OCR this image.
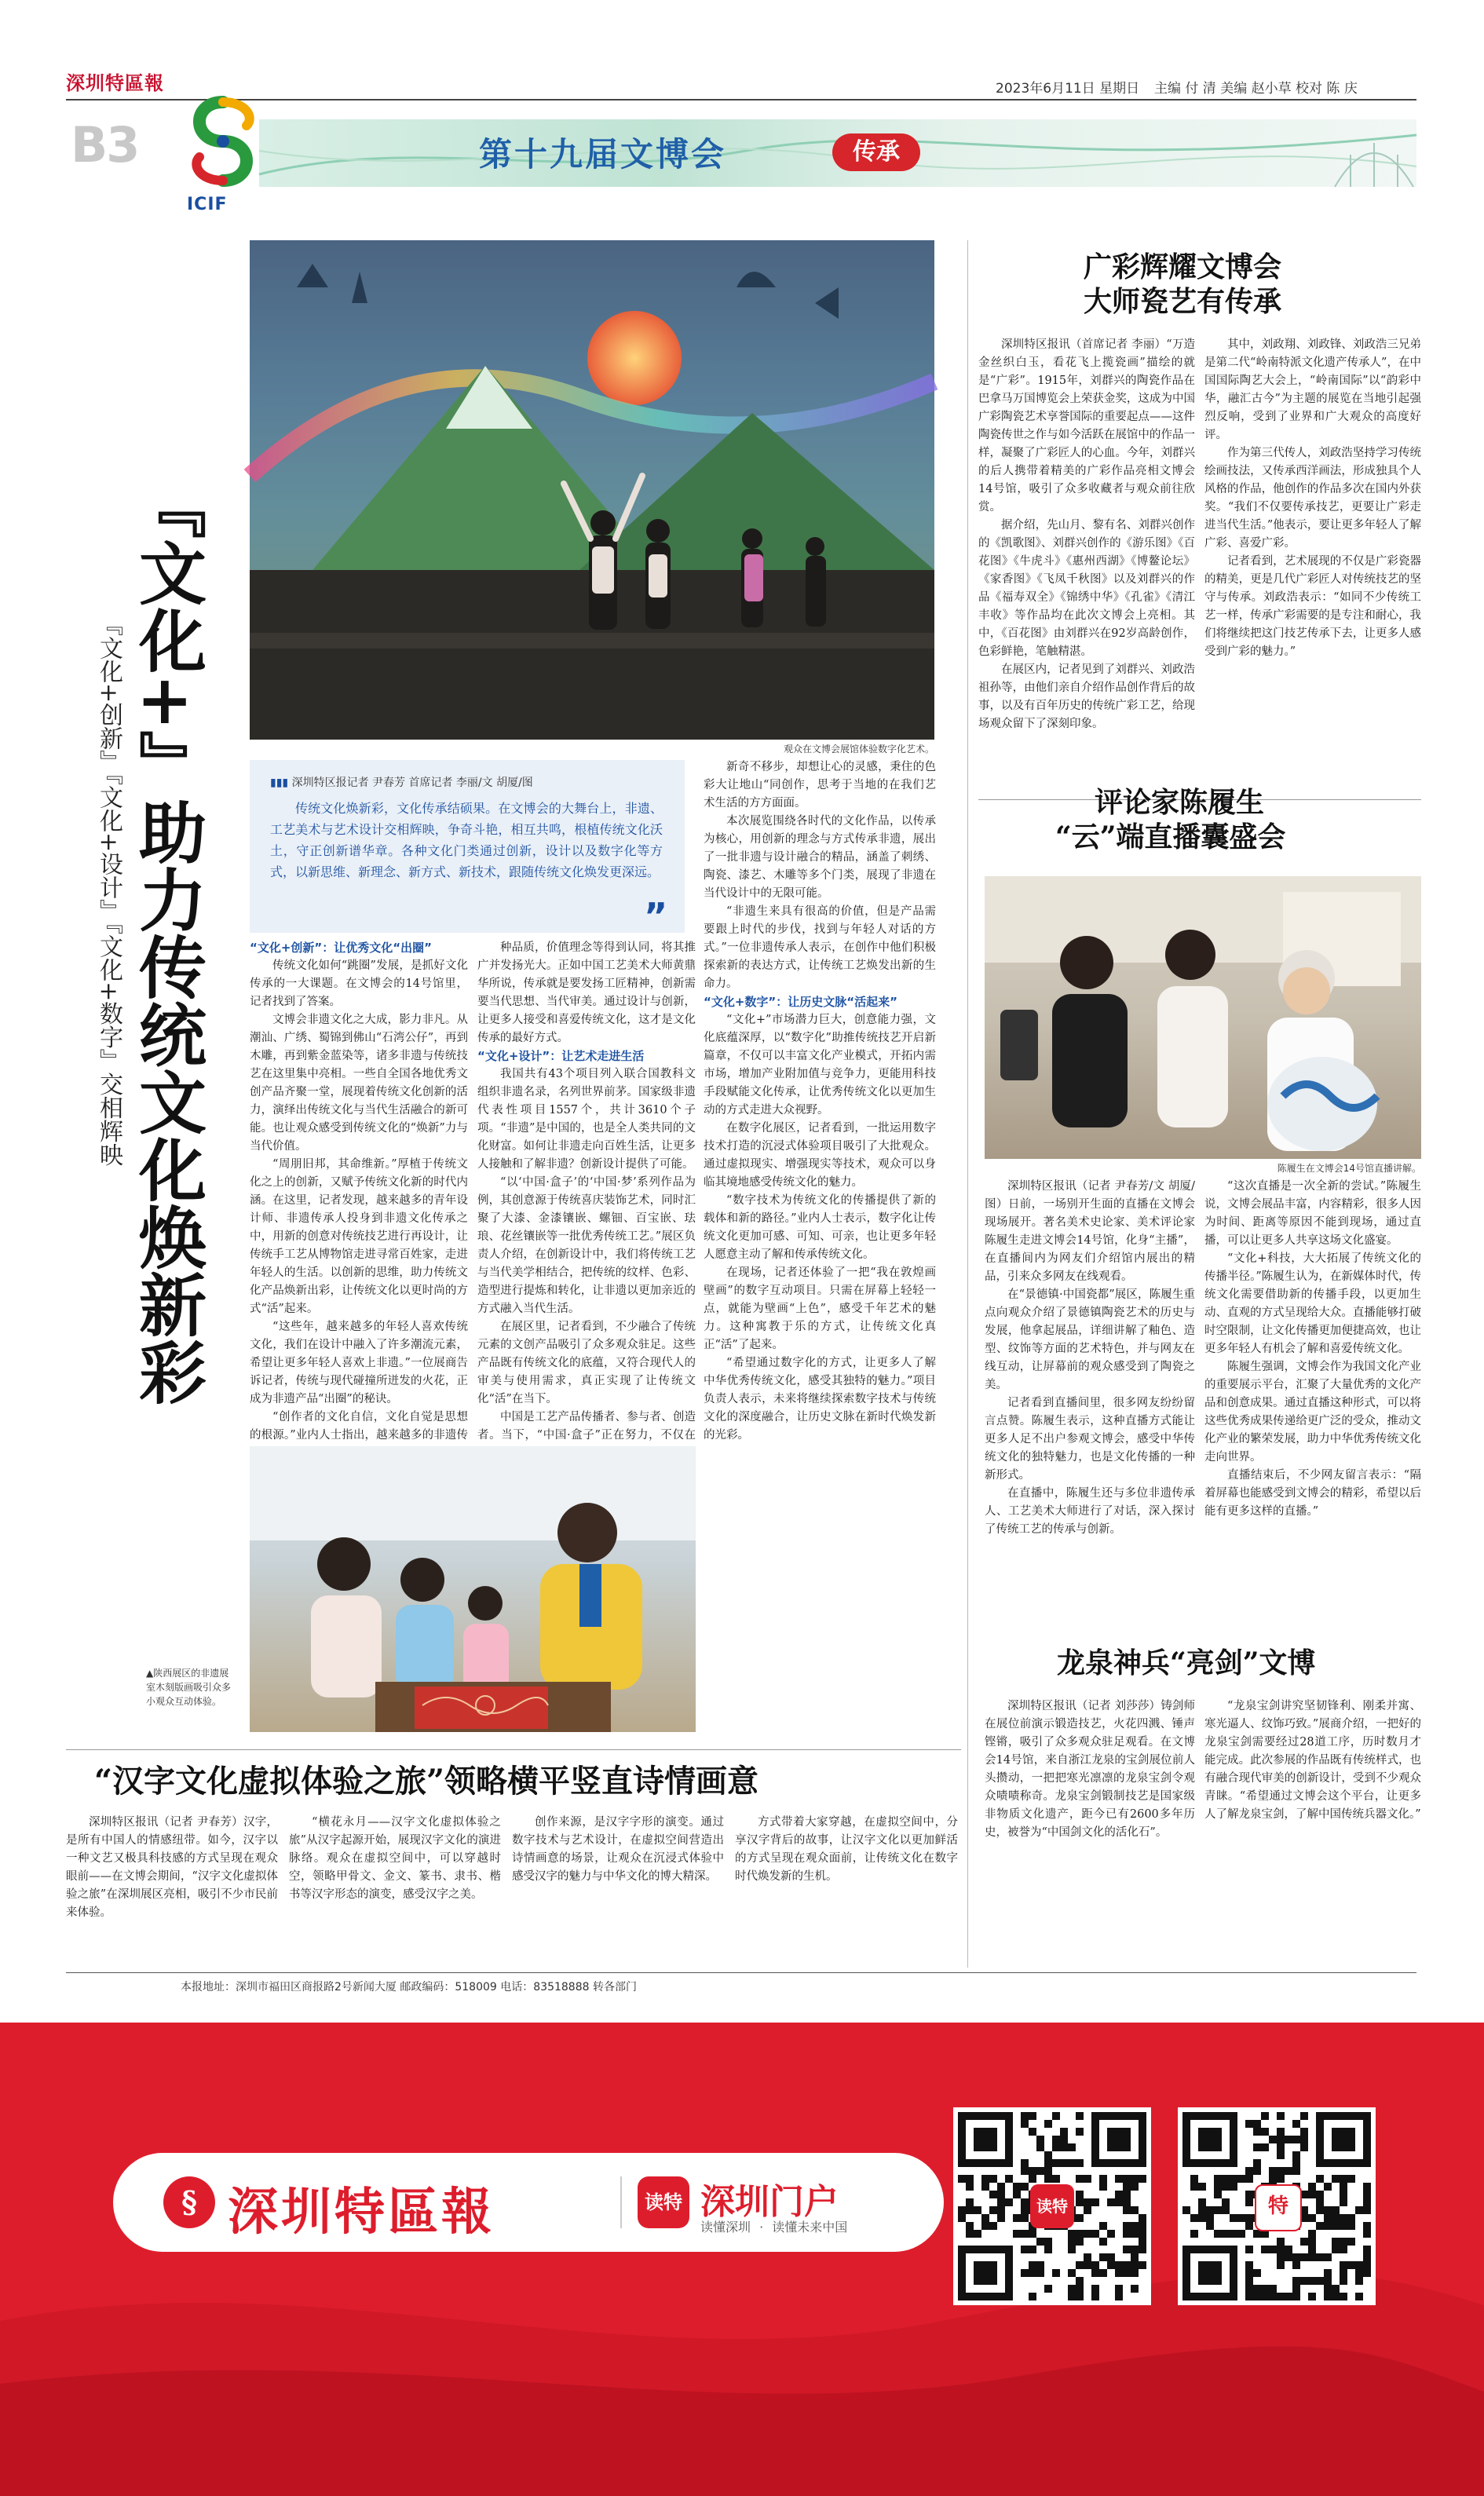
深圳特區報	2023年6月11日 星期日 主编 付 清 美编 赵小草 校对 陈 庆
B3
ICIF
第十九届文博会	传承
『文化+』助力传统文化焕新彩
『文化+创新』『文化+设计』『文化+数字』交相辉映	观众在文博会展馆体验数字化艺术。
▮▮▮ 深圳特区报记者 尹春芳 首席记者 李丽/文 胡厦/图
传统文化焕新彩，文化传承结硕果。在文博会的大舞台上，非遗、工艺美术与艺术设计交相辉映，争奇斗艳，相互共鸣，根植传统文化沃土，守正创新谱华章。各种文化门类通过创新，设计以及数字化等方式，以新思维、新理念、新方式、新技术，跟随传统文化焕发更深远。
”

“文化+创新”：让优秀文化“出圈”

传统文化如何“跳圈”发展，是抓好文化传承的一大课题。在文博会的14号馆里，记者找到了答案。

文博会非遗文化之大成，影力非凡。从潮汕、广绣、蜀锦到佛山“石湾公仔”，再到木雕，再到紫金蓝染等，诸多非遗与传统技艺在这里集中亮相。一些自全国各地优秀文创产品齐聚一堂，展现着传统文化创新的活力，演绎出传统文化与当代生活融合的新可能。也让观众感受到传统文化的“焕新”力与当代价值。

“周朋旧邦，其命维新。”厚植于传统文化之上的创新，又赋予传统文化新的时代内涵。在这里，记者发现，越来越多的青年设计师、非遗传承人投身到非遗文化传承之中，用新的创意对传统技艺进行再设计，让传统手工艺从博物馆走进寻常百姓家，走进年轻人的生活。以创新的思维，助力传统文化产品焕新出彩，让传统文化以更时尚的方式“活”起来。

“这些年，越来越多的年轻人喜欢传统文化，我们在设计中融入了许多潮流元素，希望让更多年轻人喜欢上非遗。”一位展商告诉记者，传统与现代碰撞所迸发的火花，正成为非遗产品“出圈”的秘诀。

“创作者的文化自信，文化自觉是思想的根源。”业内人士指出，越来越多的非遗传

种品质，价值理念等得到认同，将其推广并发扬光大。正如中国工艺美术大师黄鼎华所说，传承就是要发扬工匠精神，创新需要当代思想、当代审美。通过设计与创新，让更多人接受和喜爱传统文化，这才是文化传承的最好方式。

“文化+设计”：让艺术走进生活

我国共有43个项目列入联合国教科文组织非遗名录，名列世界前茅。国家级非遗代表性项目1557个，共计3610个子项。“非遗”是中国的，也是全人类共同的文化财富。如何让非遗走向百姓生活，让更多人接触和了解非遗？创新设计提供了可能。

“以‘中国·盒子’的‘中国·梦’系列作品为例，其创意源于传统喜庆装饰艺术，同时汇聚了大漆、金漆镶嵌、螺钿、百宝嵌、珐琅、花丝镶嵌等一批优秀传统工艺。”展区负责人介绍，在创新设计中，我们将传统工艺与当代美学相结合，把传统的纹样、色彩、造型进行提炼和转化，让非遗以更加亲近的方式融入当代生活。

在展区里，记者看到，不少融合了传统元素的文创产品吸引了众多观众驻足。这些产品既有传统文化的底蕴，又符合现代人的审美与使用需求，真正实现了让传统文化“活”在当下。

中国是工艺产品传播者、参与者、创造者。当下，“中国·盒子”正在努力，不仅在

新奇不移步，却想让心的灵感，秉住的色彩大让地山“同创作，思考于当地的在我们艺术生活的方方面面。

本次展览围绕各时代的文化作品，以传承为核心，用创新的理念与方式传承非遗，展出了一批非遗与设计融合的精品，涵盖了刺绣、陶瓷、漆艺、木雕等多个门类，展现了非遗在当代设计中的无限可能。

“非遗生来具有很高的价值，但是产品需要跟上时代的步伐，找到与年轻人对话的方式。”一位非遗传承人表示，在创作中他们积极探索新的表达方式，让传统工艺焕发出新的生命力。

“文化+数字”：让历史文脉“活起来”

“文化+”市场潜力巨大，创意能力强，文化底蕴深厚，以“数字化”助推传统技艺开启新篇章，不仅可以丰富文化产业模式，开拓内需市场，增加产业附加值与竞争力，更能用科技手段赋能文化传承，让优秀传统文化以更加生动的方式走进大众视野。

在数字化展区，记者看到，一批运用数字技术打造的沉浸式体验项目吸引了大批观众。通过虚拟现实、增强现实等技术，观众可以身临其境地感受传统文化的魅力。

“数字技术为传统文化的传播提供了新的载体和新的路径。”业内人士表示，数字化让传统文化更加可感、可知、可亲，也让更多年轻人愿意主动了解和传承传统文化。

在现场，记者还体验了一把“我在敦煌画壁画”的数字互动项目。只需在屏幕上轻轻一点，就能为壁画“上色”，感受千年艺术的魅力。这种寓教于乐的方式，让传统文化真正“活”了起来。

“希望通过数字化的方式，让更多人了解中华优秀传统文化，感受其独特的魅力。”项目负责人表示，未来将继续探索数字技术与传统文化的深度融合，让历史文脉在新时代焕发新的光彩。

▲陕西展区的非遗展室木刻版画吸引众多小观众互动体验。
广彩辉耀文博会
大师瓷艺有传承

深圳特区报讯（首席记者 李丽）“万造金丝织白玉，看花飞上揽瓷画”描绘的就是“广彩”。1915年，刘群兴的陶瓷作品在巴拿马万国博览会上荣获金奖，这成为中国广彩陶瓷艺术享誉国际的重要起点——这件陶瓷传世之作与如今活跃在展馆中的作品一样，凝聚了广彩匠人的心血。今年，刘群兴的后人携带着精美的广彩作品亮相文博会14号馆，吸引了众多收藏者与观众前往欣赏。

据介绍，先山月、黎有名、刘群兴创作的《凯歌图》、刘群兴创作的《游乐图》《百花图》《牛虎斗》《惠州西湖》《博鳌论坛》《家香图》《飞凤千秋图》以及刘群兴的作品《福寿双全》《锦绣中华》《孔雀》《清江丰收》等作品均在此次文博会上亮相。其中，《百花图》由刘群兴在92岁高龄创作，色彩鲜艳，笔触精湛。

在展区内，记者见到了刘群兴、刘政浩祖孙等，由他们亲自介绍作品创作背后的故事，以及有百年历史的传统广彩工艺，给现场观众留下了深刻印象。

其中，刘政翔、刘政锋、刘政浩三兄弟是第二代“岭南特派文化遗产传承人”，在中国国际陶艺大会上，“岭南国际”以“韵彩中华，融汇古今”为主题的展览在当地引起强烈反响，受到了业界和广大观众的高度好评。

作为第三代传人，刘政浩坚持学习传统绘画技法，又传承西洋画法，形成独具个人风格的作品，他创作的作品多次在国内外获奖。“我们不仅要传承技艺，更要让广彩走进当代生活。”他表示，要让更多年轻人了解广彩、喜爱广彩。

记者看到，艺术展现的不仅是广彩瓷器的精美，更是几代广彩匠人对传统技艺的坚守与传承。刘政浩表示：“如同不少传统工艺一样，传承广彩需要的是专注和耐心，我们将继续把这门技艺传承下去，让更多人感受到广彩的魅力。”

评论家陈履生
“云”端直播囊盛会
陈履生在文博会14号馆直播讲解。

深圳特区报讯（记者 尹春芳/文 胡厦/图）日前，一场别开生面的直播在文博会现场展开。著名美术史论家、美术评论家陈履生走进文博会14号馆，化身“主播”，在直播间内为网友们介绍馆内展出的精品，引来众多网友在线观看。

在“景德镇·中国瓷都”展区，陈履生重点向观众介绍了景德镇陶瓷艺术的历史与发展，他拿起展品，详细讲解了釉色、造型、纹饰等方面的艺术特色，并与网友在线互动，让屏幕前的观众感受到了陶瓷之美。

记者看到直播间里，很多网友纷纷留言点赞。陈履生表示，这种直播方式能让更多人足不出户参观文博会，感受中华传统文化的独特魅力，也是文化传播的一种新形式。

在直播中，陈履生还与多位非遗传承人、工艺美术大师进行了对话，深入探讨了传统工艺的传承与创新。

“这次直播是一次全新的尝试。”陈履生说，文博会展品丰富，内容精彩，很多人因为时间、距离等原因不能到现场，通过直播，可以让更多人共享这场文化盛宴。

“文化+科技，大大拓展了传统文化的传播半径。”陈履生认为，在新媒体时代，传统文化需要借助新的传播手段，以更加生动、直观的方式呈现给大众。直播能够打破时空限制，让文化传播更加便捷高效，也让更多年轻人有机会了解和喜爱传统文化。

陈履生强调，文博会作为我国文化产业的重要展示平台，汇聚了大量优秀的文化产品和创意成果。通过直播这种形式，可以将这些优秀成果传递给更广泛的受众，推动文化产业的繁荣发展，助力中华优秀传统文化走向世界。

直播结束后，不少网友留言表示：“隔着屏幕也能感受到文博会的精彩，希望以后能有更多这样的直播。”

龙泉神兵“亮剑”文博
深圳特区报讯（记者 刘莎莎）铸剑师在展位前演示锻造技艺，火花四溅、锤声铿锵，吸引了众多观众驻足观看。在文博会14号馆，来自浙江龙泉的宝剑展位前人头攒动，一把把寒光凛凛的龙泉宝剑令观众啧啧称奇。龙泉宝剑锻制技艺是国家级非物质文化遗产，距今已有2600多年历史，被誉为“中国剑文化的活化石”。
“龙泉宝剑讲究坚韧锋利、刚柔并寓、寒光逼人、纹饰巧致。”展商介绍，一把好的龙泉宝剑需要经过28道工序，历时数月才能完成。此次参展的作品既有传统样式，也有融合现代审美的创新设计，受到不少观众青睐。“希望通过文博会这个平台，让更多人了解龙泉宝剑，了解中国传统兵器文化。”
“汉字文化虚拟体验之旅”领略横平竖直诗情画意
深圳特区报讯（记者 尹春芳）汉字，是所有中国人的情感纽带。如今，汉字以一种文艺又极具科技感的方式呈现在观众眼前——在文博会期间，“汉字文化虚拟体验之旅”在深圳展区亮相，吸引不少市民前来体验。
“横花永月——汉字文化虚拟体验之旅”从汉字起源开始，展现汉字文化的演进脉络。观众在虚拟空间中，可以穿越时空，领略甲骨文、金文、篆书、隶书、楷书等汉字形态的演变，感受汉字之美。
创作来源，是汉字字形的演变。通过数字技术与艺术设计，在虚拟空间营造出诗情画意的场景，让观众在沉浸式体验中感受汉字的魅力与中华文化的博大精深。
方式带着大家穿越，在虚拟空间中，分享汉字背后的故事，让汉字文化以更加鲜活的方式呈现在观众面前，让传统文化在数字时代焕发新的生机。
本报地址：深圳市福田区商报路2号新闻大厦 邮政编码：518009 电话：83518888 转各部门
§ 深圳特區報	读特 深圳门户
读懂深圳 · 读懂未来中国
读特	特
